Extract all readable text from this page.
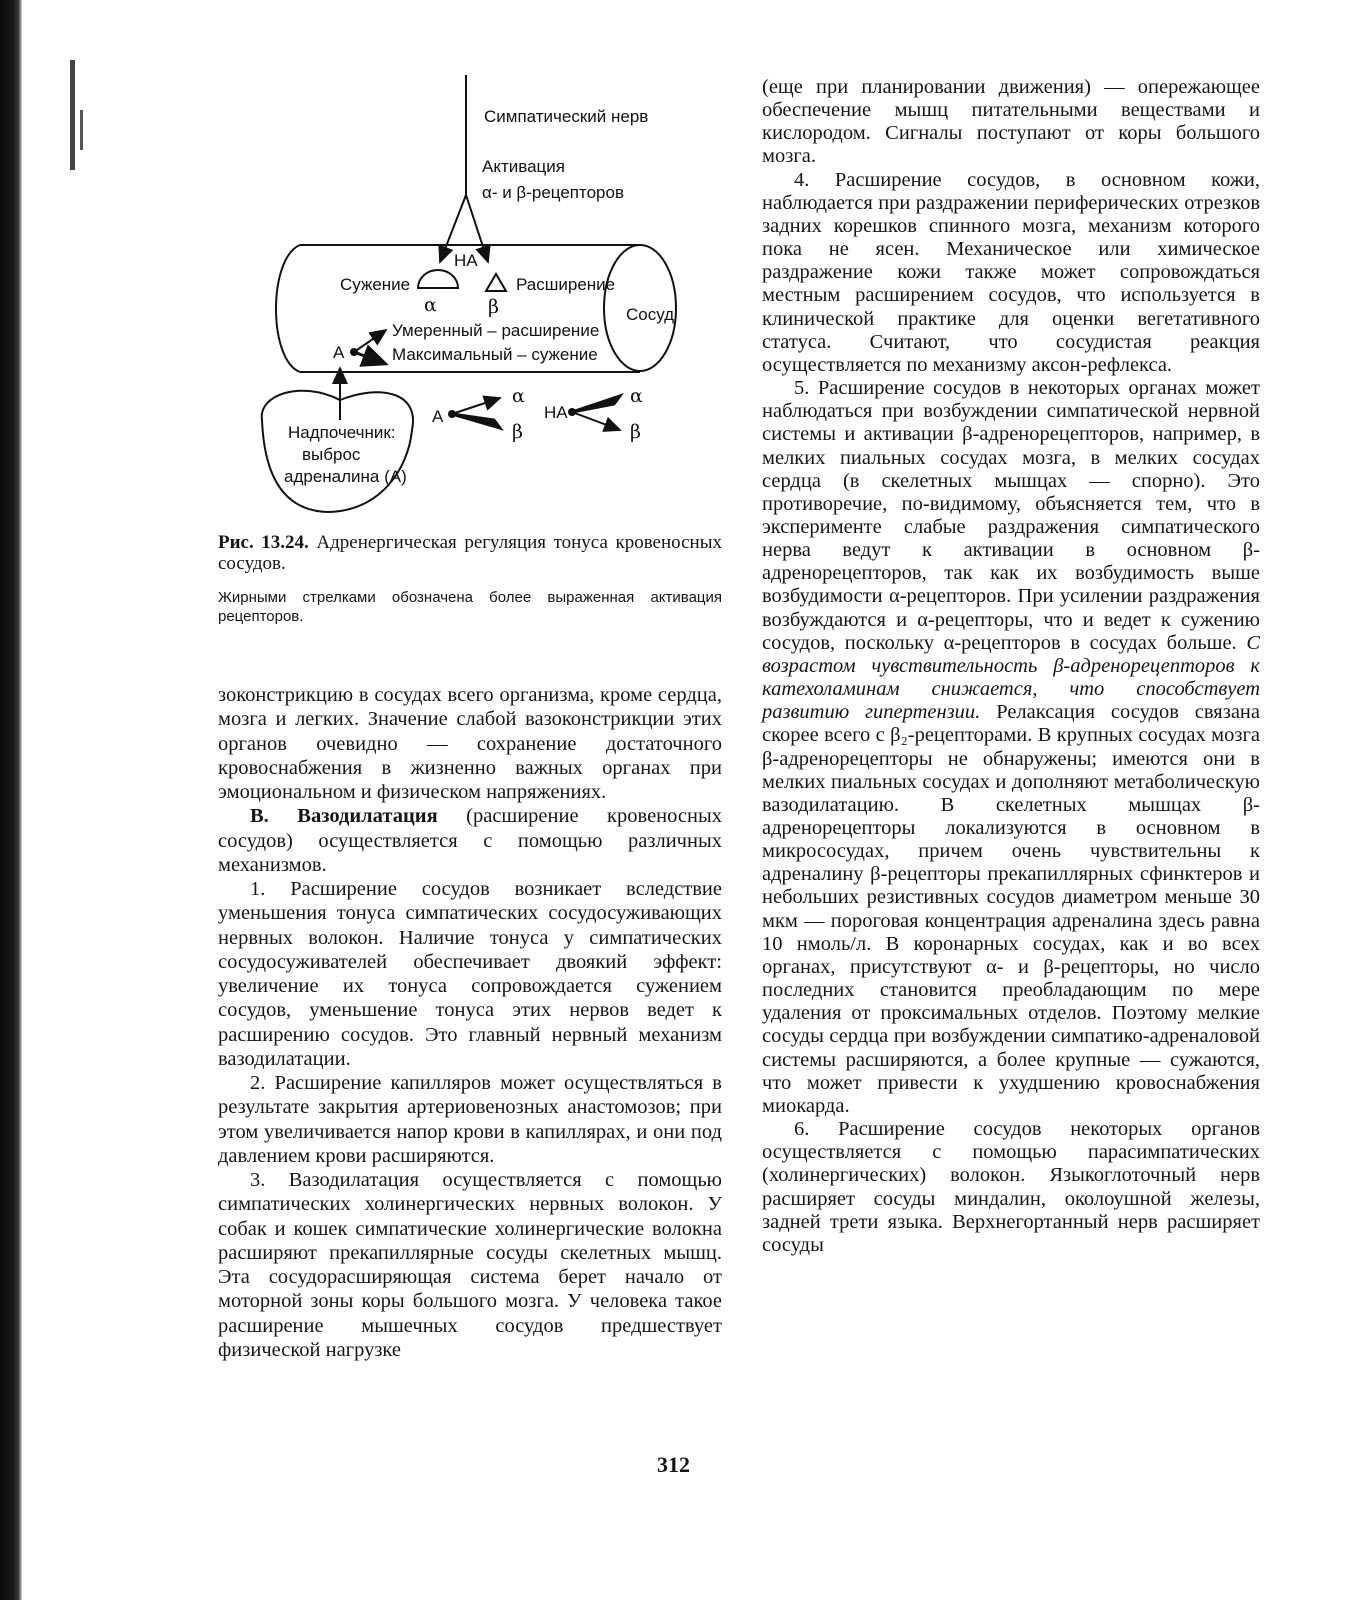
Симпатический нерв
Активация
α- и β-рецепторов
Сосуд
НА
Сужение	Расширение
α	β
А
Умеренный – расширение
Максимальный – сужение
Надпочечник:
выброс
адреналина (А)
А
α
β
НА
α
β
Рис. 13.24. Адренергическая регуляция тонуса кровеносных сосудов.
Жирными стрелками обозначена более выраженная активация рецепторов.

зоконстрикцию в сосудах всего организма, кроме сердца, мозга и легких. Значение слабой вазоконстрикции этих органов очевидно — сохранение достаточного кровоснабжения в жизненно важных органах при эмоциональном и физическом напряжениях.

В. Вазодилатация (расширение кровеносных сосудов) осуществляется с помощью различных механизмов.

1. Расширение сосудов возникает вследствие уменьшения тонуса симпатических сосудосуживающих нервных волокон. Наличие тонуса у симпатических сосудосуживателей обеспечивает двоякий эффект: увеличение их тонуса сопровождается сужением сосудов, уменьшение тонуса этих нервов ведет к расширению сосудов. Это главный нервный механизм вазодилатации.

2. Расширение капилляров может осуществляться в результате закрытия артериовенозных анастомозов; при этом увеличивается напор крови в капиллярах, и они под давлением крови расширяются.

3. Вазодилатация осуществляется с помощью симпатических холинергических нервных волокон. У собак и кошек симпатические холинергические волокна расширяют прекапиллярные сосуды скелетных мышц. Эта сосудорасширяющая система берет начало от моторной зоны коры большого мозга. У человека такое расширение мышечных сосудов предшествует физической нагрузке

(еще при планировании движения) — опережающее обеспечение мышц питательными веществами и кислородом. Сигналы поступают от коры большого мозга.

4. Расширение сосудов, в основном кожи, наблюдается при раздражении периферических отрезков задних корешков спинного мозга, механизм которого пока не ясен. Механическое или химическое раздражение кожи также может сопровождаться местным расширением сосудов, что используется в клинической практике для оценки вегетативного статуса. Считают, что сосудистая реакция осуществляется по механизму аксон-рефлекса.

5. Расширение сосудов в некоторых органах может наблюдаться при возбуждении симпатической нервной системы и активации β-адренорецепторов, например, в мелких пиальных сосудах мозга, в мелких сосудах сердца (в скелетных мышцах — спорно). Это противоречие, по-видимому, объясняется тем, что в эксперименте слабые раздражения симпатического нерва ведут к активации в основном β-адренорецепторов, так как их возбудимость выше возбудимости α-рецепторов. При усилении раздражения возбуждаются и α-рецепторы, что и ведет к сужению сосудов, поскольку α-рецепторов в сосудах больше. С возрастом чувствительность β-адренорецепторов к катехоламинам снижается, что способствует развитию гипертензии. Релаксация сосудов связана скорее всего с β₂-рецепторами. В крупных сосудах мозга β-адренорецепторы не обнаружены; имеются они в мелких пиальных сосудах и дополняют метаболическую вазодилатацию. В скелетных мышцах β-адренорецепторы локализуются в основном в микрососудах, причем очень чувствительны к адреналину β-рецепторы прекапиллярных сфинктеров и небольших резистивных сосудов диаметром меньше 30 мкм — пороговая концентрация адреналина здесь равна 10 нмоль/л. В коронарных сосудах, как и во всех органах, присутствуют α- и β-рецепторы, но число последних становится преобладающим по мере удаления от проксимальных отделов. Поэтому мелкие сосуды сердца при возбуждении симпатико-адреналовой системы расширяются, а более крупные — сужаются, что может привести к ухудшению кровоснабжения миокарда.

6. Расширение сосудов некоторых органов осуществляется с помощью парасимпатических (холинергических) волокон. Языкоглоточный нерв расширяет сосуды миндалин, околоушной железы, задней трети языка. Верхнегортанный нерв расширяет сосуды

312
